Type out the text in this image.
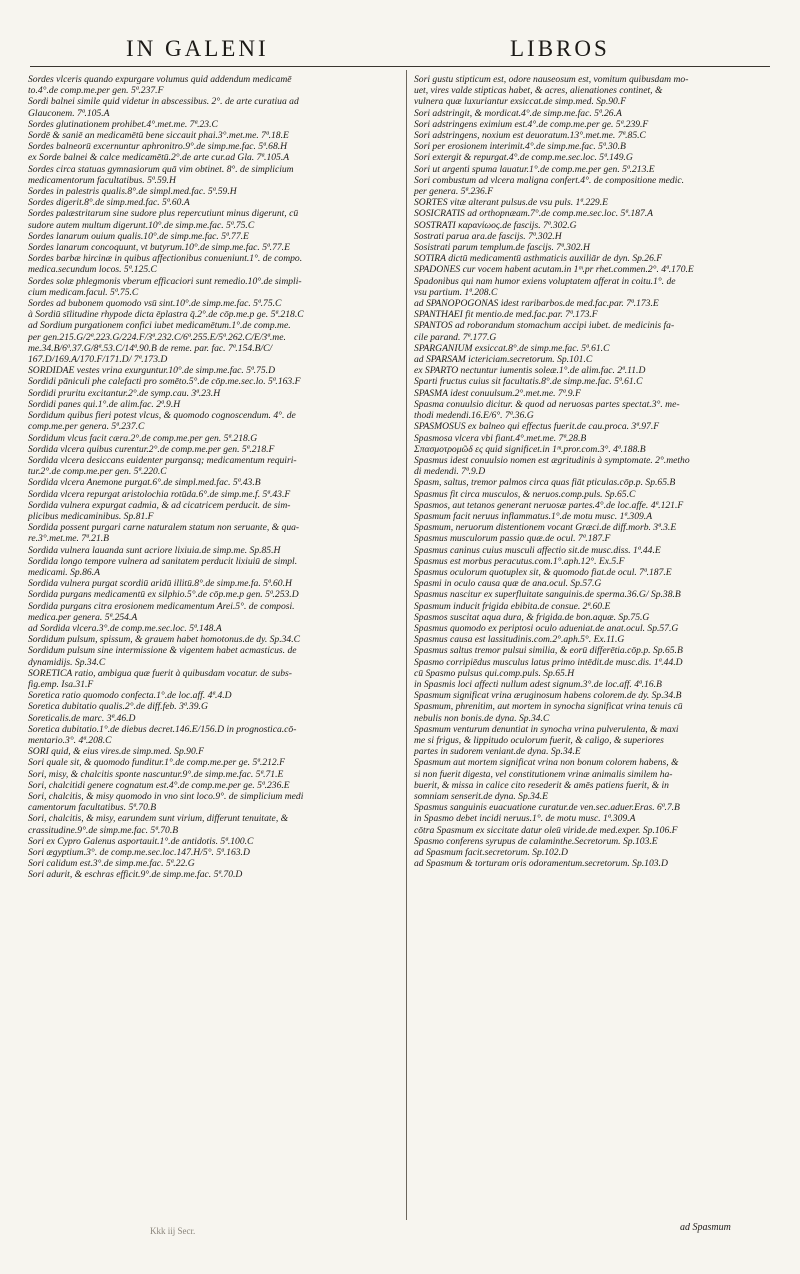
IN GALENI	LIBROS

Sordes vlceris quando expurgare volumus quid addendum medicamē

to.4°.de comp.me.per gen. 5ª.237.F

Sordi balnei simile quid videtur in abscessibus. 2°. de arte curatiua ad

Glauconem. 7ª.105.A

Sordes glutinationem prohibet.4°.met.me. 7ª.23.C

Sordē & saniē an medicamētū bene siccauit phai.3°.met.me. 7ª.18.E

Sordes balneorū excernuntur aphronitro.9°.de simp.me.fac. 5ª.68.H

ex Sorde balnei & calce medicamētū.2°.de arte cur.ad Gla. 7ª.105.A

Sordes circa statuas gymnasiorum quā vim obtinet. 8°. de simplicium

medicamentorum facultatibus. 5ª.59.H

Sordes in palestris qualis.8°.de simpl.med.fac. 5ª.59.H

Sordes digerit.8°.de simp.med.fac. 5ª.60.A

Sordes palæstritarum sine sudore plus repercutiunt minus digerunt, cū

sudore autem multum digerunt.10°.de simp.me.fac. 5ª.75.C

Sordes lanarum ouium qualis.10°.de simp.me.fac. 5ª.77.E

Sordes lanarum concoquunt, vt butyrum.10°.de simp.me.fac. 5ª.77.E

Sordes barbæ hircinæ in quibus affectionibus conueniunt.1°. de compo.

medica.secundum locos. 5ª.125.C

Sordes solæ phlegmonis vberum efficaciori sunt remedio.10°.de simpli-

cium medicam.facul. 5ª.75.C

Sordes ad bubonem quomodo vsū sint.10°.de simp.me.fac. 5ª.75.C

à Sordiū sīlitudine rhypode dicta ēplastra q̄.2°.de cōp.me.p ge. 5ª.218.C

ad Sordium purgationem confici iubet medicamētum.1°.de comp.me.

per gen.215.G/2ª.223.G/224.F/3ª.232.C/6ª.255.E/5ª.262.C/E/3ª.me.

me.34.B/6ª.37.G/8ª.53.C/14ª.90.B de reme. par. fac. 7ª.154.B/C/

167.D/169.A/170.F/171.D/ 7ª.173.D

SORDIDAE vestes vrina exurguntur.10°.de simp.me.fac. 5ª.75.D

Sordidi pāniculi phe calefacti pro somēto.5°.de cōp.me.sec.lo. 5ª.163.F

Sordidi pruritu excitantur.2°.de symp.cau. 3ª.23.H

Sordidi panes qui.1°.de alim.fac. 2ª.9.H

Sordidum quibus fieri potest vlcus, & quomodo cognoscendum. 4°. de

comp.me.per genera. 5ª.237.C

Sordidum vlcus facit cæra.2°.de comp.me.per gen. 5ª.218.G

Sordida vlcera quibus curentur.2°.de comp.me.per gen. 5ª.218.F

Sordida vlcera desiccans euidenter purgansq; medicamentum requiri-

tur.2°.de comp.me.per gen. 5ª.220.C

Sordida vlcera Anemone purgat.6°.de simpl.med.fac. 5ª.43.B

Sordida vlcera repurgat aristolochia rotūda.6°.de simp.me.f. 5ª.43.F

Sordida vulnera expurgat cadmia, & ad cicatricem perducit. de sim-

plicibus medicaminibus. Sp.81.F

Sordida possent purgari carne naturalem statum non seruante, & qua-

re.3°.met.me. 7ª.21.B

Sordida vulnera lauanda sunt acriore lixiuia.de simp.me. Sp.85.H

Sordida longo tempore vulnera ad sanitatem perducit lixiuiū de simpl.

medicami. Sp.86.A

Sordida vulnera purgat scordiū aridū illitū.8°.de simp.me.fa. 5ª.60.H

Sordida purgans medicamentū ex silphio.5°.de cōp.me.p gen. 5ª.253.D

Sordida purgans citra erosionem medicamentum Arei.5°. de composi.

medica.per genera. 5ª.254.A

ad Sordida vlcera.3°.de comp.me.sec.loc. 5ª.148.A

Sordidum pulsum, spissum, & grauem habet homotonus.de dy. Sp.34.C

Sordidum pulsum sine intermissione & vigentem habet acmasticus. de

dynamidijs. Sp.34.C

SORETICA ratio, ambigua quæ fuerit à quibusdam vocatur. de subs-

fig.emp. Isa.31.F

Soretica ratio quomodo confecta.1°.de loc.aff. 4ª.4.D

Soretica dubitatio qualis.2°.de diff.feb. 3ª.39.G

Soreticalis.de marc. 3ª.46.D

Soretica dubitatio.1°.de diebus decret.146.E/156.D in prognostica.cō-

mentario.3°. 4ª.208.C

SORI quid, & eius vires.de simp.med. Sp.90.F

Sori quale sit, & quomodo funditur.1°.de comp.me.per ge. 5ª.212.F

Sori, misy, & chalcitis sponte nascuntur.9°.de simp.me.fac. 5ª.71.E

Sori, chalcitidi genere cognatum est.4°.de comp.me.per ge. 5ª.236.E

Sori, chalcitis, & misy quomodo in vno sint loco.9°. de simplicium medi

camentorum facultatibus. 5ª.70.B

Sori, chalcitis, & misy, earundem sunt virium, differunt tenuitate, &

crassitudine.9°.de simp.me.fac. 5ª.70.B

Sori ex Cypro Galenus asportauit.1°.de antidotis. 5ª.100.C

Sori ægyptium.3°. de comp.me.sec.loc.147.H/5°. 5ª.163.D

Sori calidum est.3°.de simp.me.fac. 5ª.22.G

Sori adurit, & eschras efficit.9°.de simp.me.fac. 5ª.70.D

Sori gustu stipticum est, odore nauseosum est, vomitum quibusdam mo-

uet, vires valde stipticas habet, & acres, alienationes continet, &

vulnera quæ luxuriantur exsiccat.de simp.med. Sp.90.F

Sori adstringit, & mordicat.4°.de simp.me.fac. 5ª.26.A

Sori adstringens eximium est.4°.de comp.me.per ge. 5ª.239.F

Sori adstringens, noxium est deuoratum.13°.met.me. 7ª.85.C

Sori per erosionem interimit.4°.de simp.me.fac. 5ª.30.B

Sori extergit & repurgat.4°.de comp.me.sec.loc. 5ª.149.G

Sori ut argenti spuma lauatur.1°.de comp.me.per gen. 5ª.213.E

Sori combustum ad vlcera maligna confert.4°. de compositione medic.

per genera. 5ª.236.F

SORTES vitæ alterant pulsus.de vsu puls. 1ª.229.E

SOSICRATIS ad orthopnæam.7°.de comp.me.sec.loc. 5ª.187.A

SOSTRATI καρανίωος.de fascijs. 7ª.302.G

Sostrati parua ara.de fascijs. 7ª.302.H

Sosistrati parum templum.de fascijs. 7ª.302.H

SOTIRA dictū medicamentū asthmaticis auxiliār de dyn. Sp.26.F

SPADONES cur vocem habent acutam.in 1ᵐ.pr rhet.commen.2°. 4ª.170.E

Spadonibus qui nam humor exiens voluptatem afferat in coitu.1°. de

vsu partium. 1ª.208.C

ad SPANOPOGONAS idest raribarbos.de med.fac.par. 7ª.173.E

SPANTHAEI fit mentio.de med.fac.par. 7ª.173.F

SPANTOS ad roborandum stomachum accipi iubet. de medicinis fa-

cile parand. 7ª.177.G

SPARGANIUM exsiccat.8°.de simp.me.fac. 5ª.61.C

ad SPARSAM ictericiam.secretorum. Sp.101.C

ex SPARTO nectuntur iumentis soleæ.1°.de alim.fac. 2ª.11.D

Sparti fructus cuius sit facultatis.8°.de simp.me.fac. 5ª.61.C

SPASMA idest conuulsum.2°.met.me. 7ª.9.F

Spasma conuulsio dicitur. & quod ad neruosas partes spectat.3°. me-

thodi medendi.16.E/6°. 7ª.36.G

SPASMOSUS ex balneo qui effectus fuerit.de cau.proca. 3ª.97.F

Spasmosa vlcera vbi fiant.4°.met.me. 7ª.28.B

Σπασμοτρομῶδ ες quid significet.in 1ᵐ.pror.com.3°. 4ª.188.B

Spasmus idest conuulsio nomen est ægritudinis à symptomate. 2°.metho

di medendi. 7ª.9.D

Spasm, saltus, tremor palmos circa quas fiāt pticulas.cōp.p. Sp.65.B

Spasmus fit circa musculos, & neruos.comp.puls. Sp.65.C

Spasmos, aut tetanos generant neruosæ partes.4°.de loc.affe. 4ª.121.F

Spasmum facit neruus inflammatus.1°.de motu musc. 1ª.309.A

Spasmum, neruorum distentionem vocant Græci.de diff.morb. 3ª.3.E

Spasmus musculorum passio quæ.de ocul. 7ª.187.F

Spasmus caninus cuius musculi affectio sit.de musc.diss. 1ª.44.E

Spasmus est morbus peracutus.com.1°.aph.12°. Ex.5.F

Spasmus oculorum quotuplex sit, & quomodo fiat.de ocul. 7ª.187.E

Spasmi in oculo causa quæ de ana.ocul. Sp.57.G

Spasmus nascitur ex superfluitate sanguinis.de sperma.36.G/ Sp.38.B

Spasmum inducit frigida ebibita.de consue. 2ª.60.E

Spasmos suscitat aqua dura, & frigida.de bon.aquæ. Sp.75.G

Spasmus quomodo ex periptosi oculo adueniat.de anat.ocul. Sp.57.G

Spasmus causa est lassitudinis.com.2°.aph.5°. Ex.11.G

Spasmus saltus tremor pulsui similia, & eorū differētia.cōp.p. Sp.65.B

Spasmo corripiēdus musculus latus primo intēdit.de musc.dis. 1ª.44.D

cū Spasmo pulsus qui.comp.puls. Sp.65.H

in Spasmis loci affecti nullum adest signum.3°.de loc.aff. 4ª.16.B

Spasmum significat vrina æruginosum habens colorem.de dy. Sp.34.B

Spasmum, phrenitim, aut mortem in synocha significat vrina tenuis cū

nebulis non bonis.de dyna. Sp.34.C

Spasmum venturum denuntiat in synocha vrina pulverulenta, & maxi

me si frigus, & lippitudo oculorum fuerit, & caligo, & superiores

partes in sudorem veniant.de dyna. Sp.34.E

Spasmum aut mortem significat vrina non bonum colorem habens, &

si non fuerit digesta, vel constitutionem vrinæ animalis similem ha-

buerit, & missa in calice cito resederit & amēs patiens fuerit, & in

somniam senserit.de dyna. Sp.34.E

Spasmus sanguinis euacuatione curatur.de ven.sec.aduer.Eras. 6ª.7.B

in Spasmo debet incidi neruus.1°. de motu musc. 1ª.309.A

cōtra Spasmum ex siccitate datur oleū viride.de med.exper. Sp.106.F

Spasmo conferens syrupus de calaminthe.Secretorum. Sp.103.E

ad Spasmum facit.secretorum. Sp.102.D

ad Spasmum & torturam oris odoramentum.secretorum. Sp.103.D

Kkk iij Secr.	ad Spasmum
